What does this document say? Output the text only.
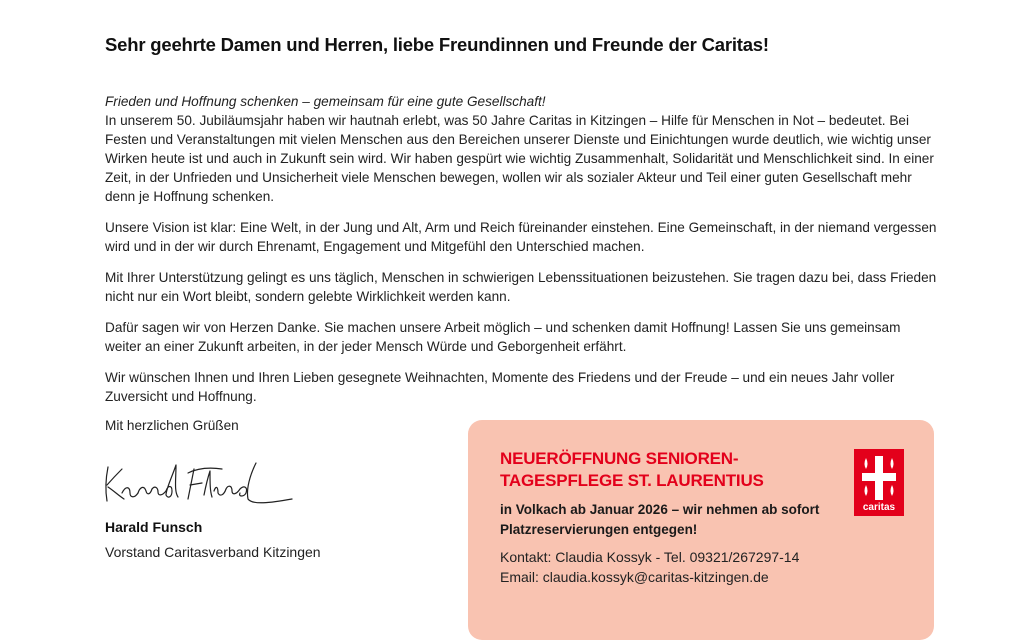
Sehr geehrte Damen und Herren, liebe Freundinnen und Freunde der Caritas!
Frieden und Hoffnung schenken – gemeinsam für eine gute Gesellschaft!

In unserem 50. Jubiläumsjahr haben wir hautnah erlebt, was 50 Jahre Caritas in Kitzingen – Hilfe für Menschen in Not – bedeutet. Bei Festen und Veranstaltungen mit vielen Menschen aus den Bereichen unserer Dienste und Einichtungen wurde deutlich, wie wichtig unser Wirken heute ist und auch in Zukunft sein wird. Wir haben gespürt wie wichtig Zusammenhalt, Solidarität und Menschlichkeit sind. In einer Zeit, in der Unfrieden und Unsicherheit viele Menschen bewegen, wollen wir als sozialer Akteur und Teil einer guten Gesellschaft mehr denn je Hoffnung schenken.

Unsere Vision ist klar: Eine Welt, in der Jung und Alt, Arm und Reich füreinander einstehen. Eine Gemeinschaft, in der niemand vergessen wird und in der wir durch Ehrenamt, Engagement und Mitgefühl den Unterschied machen.

Mit Ihrer Unterstützung gelingt es uns täglich, Menschen in schwierigen Lebenssituationen beizustehen. Sie tragen dazu bei, dass Frieden nicht nur ein Wort bleibt, sondern gelebte Wirklichkeit werden kann.

Dafür sagen wir von Herzen Danke. Sie machen unsere Arbeit möglich – und schenken damit Hoffnung! Lassen Sie uns gemeinsam weiter an einer Zukunft arbeiten, in der jeder Mensch Würde und Geborgenheit erfährt.

Wir wünschen Ihnen und Ihren Lieben gesegnete Weihnachten, Momente des Friedens und der Freude – und ein neues Jahr voller Zuversicht und Hoffnung.

Mit herzlichen Grüßen
Harald Funsch
Vorstand Caritasverband Kitzingen
NEUERÖFFNUNG SENIOREN-TAGESPFLEGE ST. LAURENTIUS
in Volkach ab Januar 2026 – wir nehmen ab sofort Platzreservierungen entgegen!
Kontakt: Claudia Kossyk - Tel. 09321/267297-14
Email: claudia.kossyk@caritas-kitzingen.de
caritas
